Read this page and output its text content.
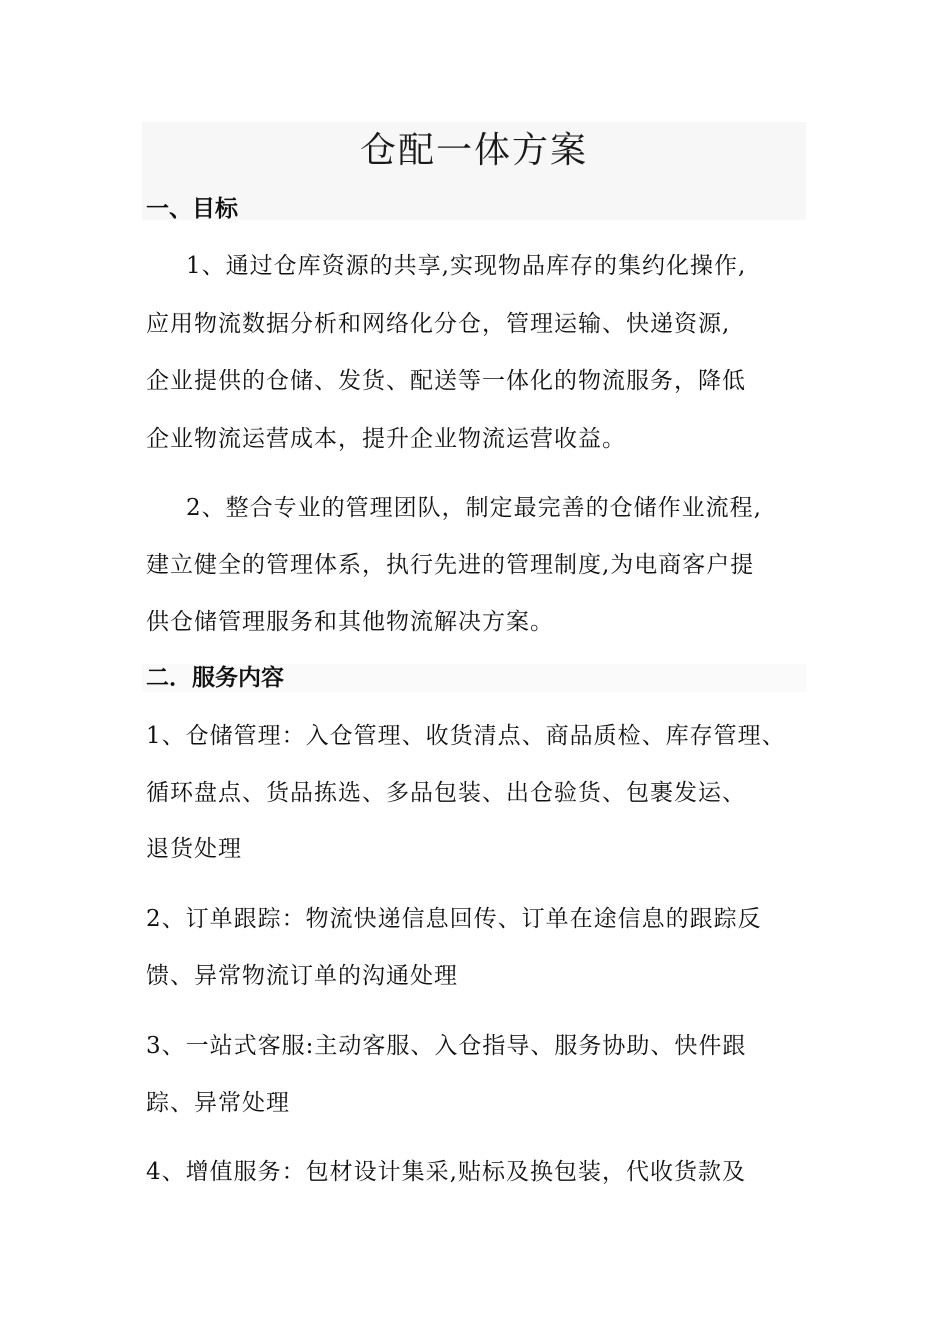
仓配一体方案
一、目标

1、通过仓库资源的共享,实现物品库存的集约化操作,

应用物流数据分析和网络化分仓，管理运输、快递资源,

企业提供的仓储、发货、配送等一体化的物流服务，降低

企业物流运营成本，提升企业物流运营收益。

2、整合专业的管理团队，制定最完善的仓储作业流程,

建立健全的管理体系，执行先进的管理制度,为电商客户提

供仓储管理服务和其他物流解决方案。

二．服务内容

1、仓储管理：入仓管理、收货清点、商品质检、库存管理、

循环盘点、货品拣选、多品包装、出仓验货、包裹发运、

退货处理

2、订单跟踪：物流快递信息回传、订单在途信息的跟踪反

馈、异常物流订单的沟通处理

3、一站式客服:主动客服、入仓指导、服务协助、快件跟

踪、异常处理

4、增值服务：包材设计集采,贴标及换包装，代收货款及
